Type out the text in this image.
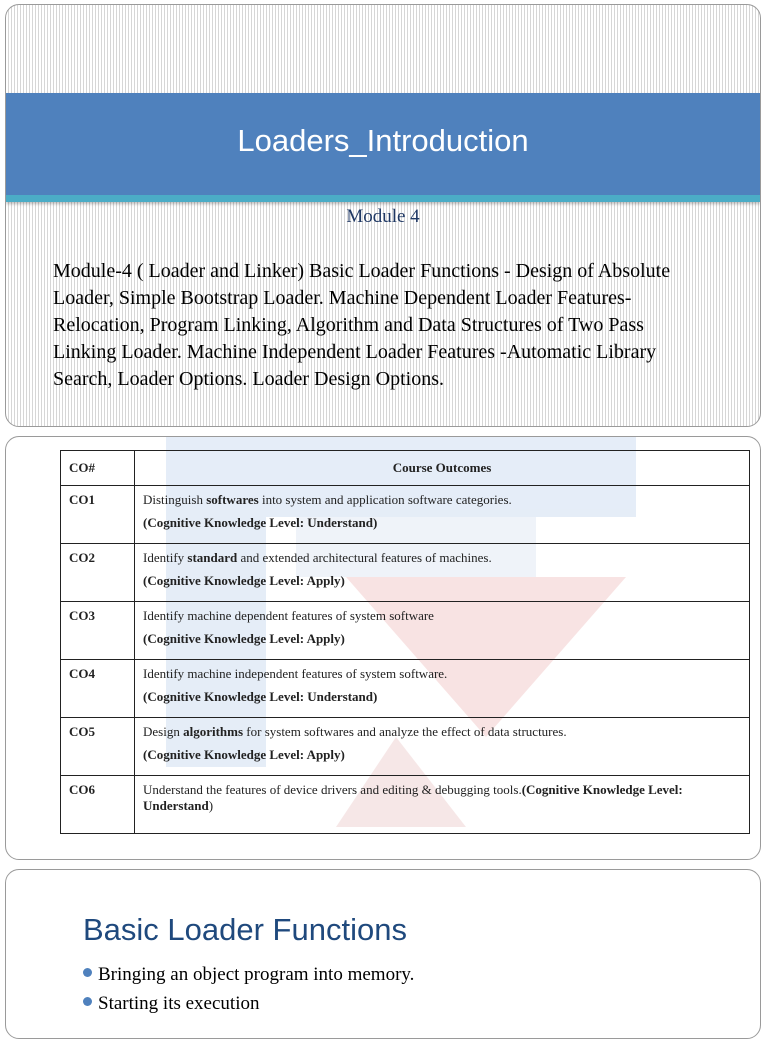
Loaders_Introduction
Module 4
Module-4 ( Loader and Linker) Basic Loader Functions - Design of Absolute Loader, Simple Bootstrap Loader. Machine Dependent Loader Features- Relocation, Program Linking, Algorithm and Data Structures of Two Pass Linking Loader. Machine Independent Loader Features -Automatic Library Search, Loader Options. Loader Design Options.
CO#	Course Outcomes
CO1	Distinguish softwares into system and application software categories.
(Cognitive Knowledge Level: Understand)

CO2	Identify standard and extended architectural features of machines.
(Cognitive Knowledge Level: Apply)

CO3	Identify machine dependent features of system software
(Cognitive Knowledge Level: Apply)

CO4	Identify machine independent features of system software.
(Cognitive Knowledge Level: Understand)

CO5	Design algorithms for system softwares and analyze the effect of data structures.
(Cognitive Knowledge Level: Apply)

CO6	Understand the features of device drivers and editing & debugging tools.(Cognitive Knowledge Level: Understand)
Basic Loader Functions
Bringing an object program into memory.
Starting its execution
